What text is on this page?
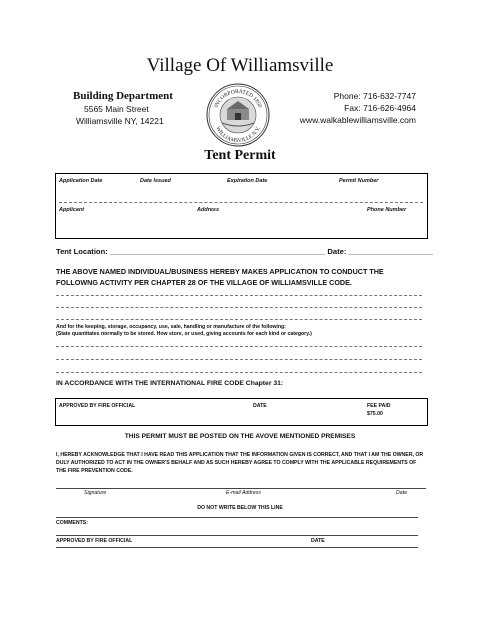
Village Of Williamsville
Building Department
5565 Main Street
Williamsville NY, 14221
INCORPORATED 1850
WILLIAMSVILLE N.Y.
Phone: 716-632-7747
Fax: 716-626-4964
www.walkablewilliamsville.com
Tent Permit
Application Date	Date Issued	Expiration Date	Permit Number
Applicant	Address	Phone Number
Tent Location: ___________________________________________________ Date: ____________________
THE ABOVE NAMED INDIVIDUAL/BUSINESS HEREBY MAKES APPLICATION TO CONDUCT THE FOLLOWNG ACTIVITY PER CHAPTER 28 OF THE VILLAGE OF WILLIAMSVILLE CODE.
And for the keeping, storage, occupancy, use, sale, handling or manufacture of the following:
(State quantitates normally to be stored. How store, or used, giving accounts for each kind or category.)
IN ACCORDANCE WITH THE INTERNATIONAL FIRE CODE Chapter 31:
APPROVED BY FIRE OFFICIAL	DATE	FEE PAID
$75.00
THIS PERMIT MUST BE POSTED ON THE AVOVE MENTIONED PREMISES
I, HEREBY ACKNOWLEDGE THAT I HAVE READ THIS APPLICATION THAT THE INFORMATION GIVEN IS CORRECT, AND THAT I AM THE OWNER, OR DULY AUTHORIZED TO ACT IN THE OWNER'S BEHALF AND AS SUCH HEREBY AGREE TO COMPLY WITH THE APPLICABLE REQUIREMENTS OF THE FIRE PREVENTION CODE.
Signature	E-mail Address	Date
DO NOT WRITE BELOW THIS LINE
COMMENTS:
APPROVED BY FIRE OFFICIAL	DATE
